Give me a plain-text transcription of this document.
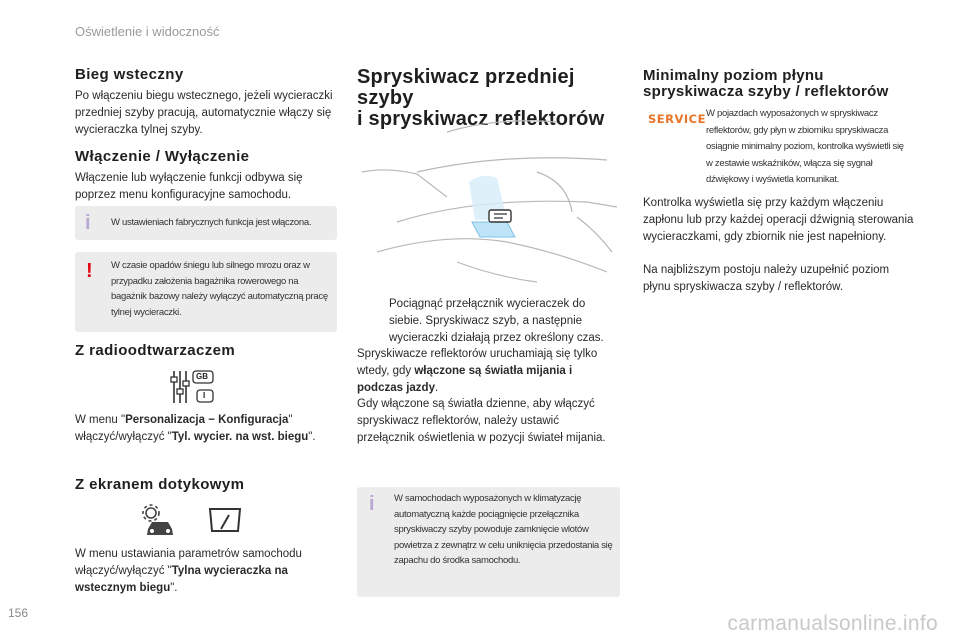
Oświetlenie i widoczność
156	carmanualsonline.info
Bieg wsteczny
Po włączeniu biegu wstecznego, jeżeli wycieraczki przedniej szyby pracują, automatycznie włączy się wycieraczka tylnej szyby.
Włączenie / Wyłączenie
Włączenie lub wyłączenie funkcji odbywa się poprzez menu konfiguracyjne samochodu.
i W ustawieniach fabrycznych funkcja jest włączona.
! W czasie opadów śniegu lub silnego mrozu oraz w przypadku założenia bagażnika rowerowego na bagażnik bazowy należy wyłączyć automatyczną pracę tylnej wycieraczki.
Z radioodtwarzaczem
GB
I
W menu "Personalizacja − Konfiguracja" włączyć/wyłączyć "Tyl. wycier. na wst. biegu".
Z ekranem dotykowym
W menu ustawiania parametrów samochodu włączyć/wyłączyć "Tylna wycieraczka na wstecznym biegu".
Spryskiwacz przedniej szyby
i spryskiwacz reflektorów
Pociągnąć przełącznik wycieraczek do siebie. Spryskiwacz szyb, a następnie wycieraczki działają przez określony czas.
Spryskiwacze reflektorów uruchamiają się tylko wtedy, gdy włączone są światła mijania i podczas jazdy.
Gdy włączone są światła dzienne, aby włączyć spryskiwacz reflektorów, należy ustawić przełącznik oświetlenia w pozycji świateł mijania.
i W samochodach wyposażonych w klimatyzację automatyczną każde pociągnięcie przełącznika spryskiwaczy szyby powoduje zamknięcie wlotów powietrza z zewnątrz w celu uniknięcia przedostania się zapachu do środka samochodu.
Minimalny poziom płynu
spryskiwacza szyby / reflektorów
SERVICE W pojazdach wyposażonych w spryskiwacz reflektorów, gdy płyn w zbiorniku spryskiwacza osiągnie minimalny poziom, kontrolka wyświetli się w zestawie wskaźników, włącza się sygnał dźwiękowy i wyświetla komunikat.
Kontrolka wyświetla się przy każdym włączeniu zapłonu lub przy każdej operacji dźwignią sterowania wycieraczkami, gdy zbiornik nie jest napełniony.
Na najbliższym postoju należy uzupełnić poziom płynu spryskiwacza szyby / reflektorów.
